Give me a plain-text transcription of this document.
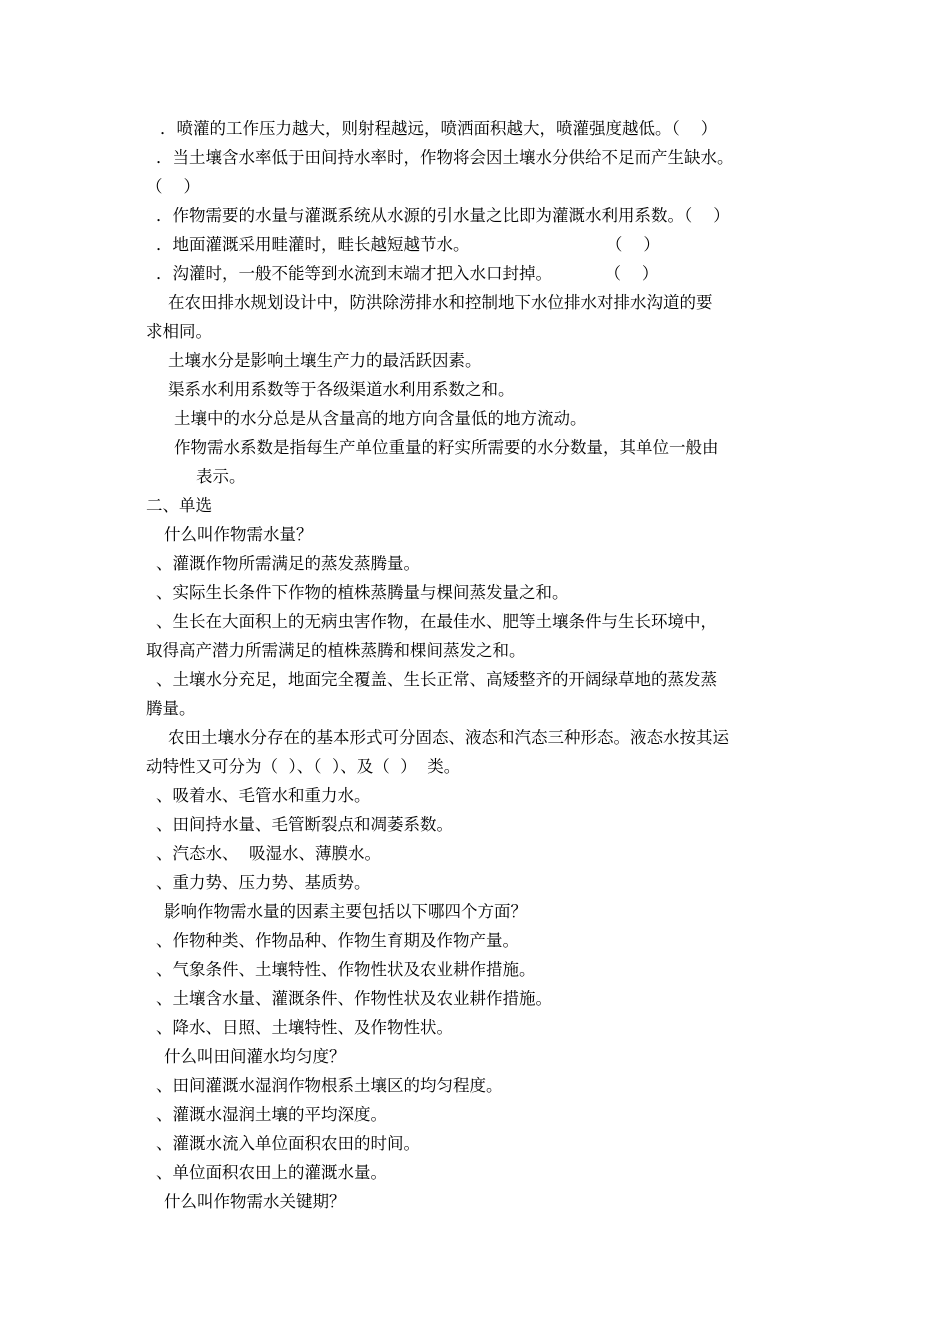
．喷灌的工作压力越大，则射程越远，喷洒面积越大，喷灌强度越低。（    ）
．当土壤含水率低于田间持水率时，作物将会因土壤水分供给不足而产生缺水。
（    ）
．作物需要的水量与灌溉系统从水源的引水量之比即为灌溉水利用系数。（    ）
．地面灌溉采用畦灌时，畦长越短越节水。                          （    ）
．沟灌时，一般不能等到水流到末端才把入水口封掉。          （    ）
在农田排水规划设计中，防洪除涝排水和控制地下水位排水对排水沟道的要
求相同。
土壤水分是影响土壤生产力的最活跃因素。
渠系水利用系数等于各级渠道水利用系数之和。
土壤中的水分总是从含量高的地方向含量低的地方流动。
作物需水系数是指每生产单位重量的籽实所需要的水分数量，其单位一般由
表示。
二、单选
什么叫作物需水量？
、灌溉作物所需满足的蒸发蒸腾量。
、实际生长条件下作物的植株蒸腾量与棵间蒸发量之和。
、生长在大面积上的无病虫害作物，在最佳水、肥等土壤条件与生长环境中，
取得高产潜力所需满足的植株蒸腾和棵间蒸发之和。
、土壤水分充足，地面完全覆盖、生长正常、高矮整齐的开阔绿草地的蒸发蒸
腾量。
农田土壤水分存在的基本形式可分固态、液态和汽态三种形态。液态水按其运
动特性又可分为（  ）、（  ）、及（  ）  类。
、吸着水、毛管水和重力水。
、田间持水量、毛管断裂点和凋萎系数。
、汽态水、  吸湿水、薄膜水。
、重力势、压力势、基质势。
影响作物需水量的因素主要包括以下哪四个方面？
、作物种类、作物品种、作物生育期及作物产量。
、气象条件、土壤特性、作物性状及农业耕作措施。
、土壤含水量、灌溉条件、作物性状及农业耕作措施。
、降水、日照、土壤特性、及作物性状。
什么叫田间灌水均匀度？
、田间灌溉水湿润作物根系土壤区的均匀程度。
、灌溉水湿润土壤的平均深度。
、灌溉水流入单位面积农田的时间。
、单位面积农田上的灌溉水量。
什么叫作物需水关键期？
